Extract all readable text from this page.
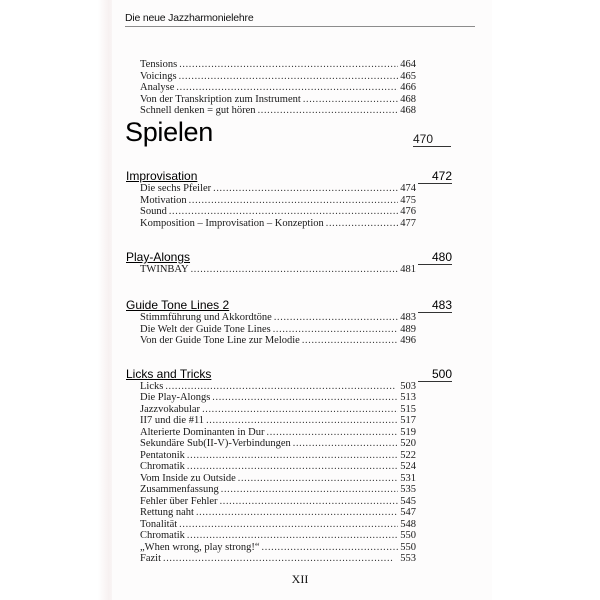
Die neue Jazzharmonielehre
Tensions . . .	464
Voicings . . .	465
Analyse . . .	466
Von der Transkription zum Instrument . . .	468
Schnell denken = gut hören . . .	468
Spielen	470
Improvisation	472
Die sechs Pfeiler . . .	474
Motivation . . .	475
Sound . . .	476
Komposition – Improvisation – Konzeption . . .	477
Play-Alongs	480
TWINBAY . . .	481
Guide Tone Lines 2	483
Stimmführung und Akkordtöne . . .	483
Die Welt der Guide Tone Lines . . .	489
Von der Guide Tone Line zur Melodie . . .	496
Licks and Tricks	500
Licks . . .	503
Die Play-Alongs . . .	513
Jazzvokabular . . .	515
II7 und die #11 . . .	517
Alterierte Dominanten in Dur . . .	519
Sekundäre Sub(II-V)-Verbindungen . . .	520
Pentatonik . . .	522
Chromatik . . .	524
Vom Inside zu Outside . . .	531
Zusammenfassung . . .	535
Fehler über Fehler . . .	545
Rettung naht . . .	547
Tonalität . . .	548
Chromatik . . .	550
„When wrong, play strong!“ . . .	550
Fazit . . .	553
XII
